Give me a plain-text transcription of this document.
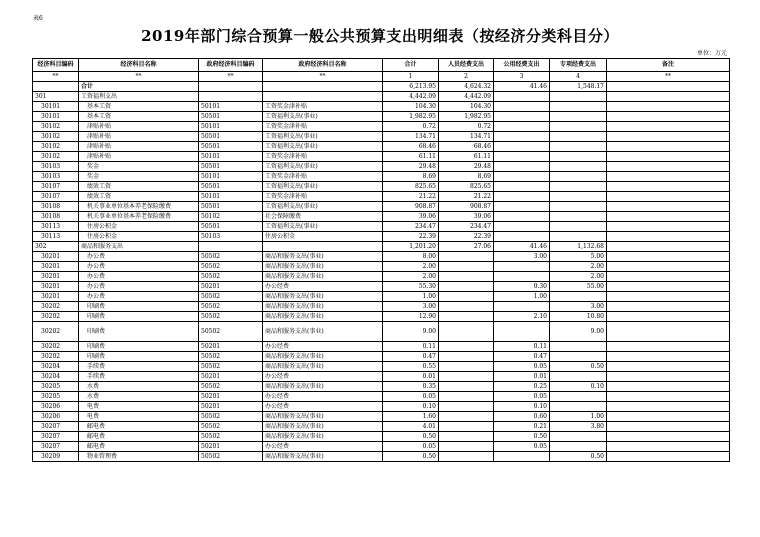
表6
2019年部门综合预算一般公共预算支出明细表（按经济分类科目分）
单位：万元
经济科目编码	经济科目名称	政府经济科目编码	政府经济科目名称	合计	人员经费支出	公用经费支出	专项经费支出	备注
**	**	**	**	1	2	3	4	**
	合计			6,213.95	4,624.32	41.46	1,548.17	
301	工资福利支出			4,442.09	4,442.09			
30101	基本工资	50101	工资奖金津补贴	104.30	104.30			
30101	基本工资	50501	工资福利支出(事业)	1,982.95	1,982.95			
30102	津贴补贴	50101	工资奖金津补贴	0.72	0.72			
30102	津贴补贴	50501	工资福利支出(事业)	134.71	134.71			
30102	津贴补贴	50501	工资福利支出(事业)	68.46	68.46			
30102	津贴补贴	50101	工资奖金津补贴	61.11	61.11			
30103	奖金	50501	工资福利支出(事业)	29.48	29.48			
30103	奖金	50101	工资奖金津补贴	8.69	8.69			
30107	绩效工资	50501	工资福利支出(事业)	825.65	825.65			
30107	绩效工资	50101	工资奖金津补贴	21.22	21.22			
30108	机关事业单位基本养老保险缴费	50501	工资福利支出(事业)	908.87	908.87			
30108	机关事业单位基本养老保险缴费	50102	社会保障缴费	39.06	39.06			
30113	住房公积金	50501	工资福利支出(事业)	234.47	234.47			
30113	住房公积金	50103	住房公积金	22.39	22.39			
302	商品和服务支出			1,201.20	27.06	41.46	1,132.68	
30201	办公费	50502	商品和服务支出(事业)	8.00		3.00	5.00	
30201	办公费	50502	商品和服务支出(事业)	2.00			2.00	
30201	办公费	50502	商品和服务支出(事业)	2.00			2.00	
30201	办公费	50201	办公经费	55.30		0.30	55.00	
30201	办公费	50502	商品和服务支出(事业)	1.00		1.00		
30202	印刷费	50502	商品和服务支出(事业)	3.00			3.00	
30202	印刷费	50502	商品和服务支出(事业)	12.90		2.10	10.80	
30202	印刷费	50502	商品和服务支出(事业)	9.00			9.00	
30202	印刷费	50201	办公经费	0.11		0.11		
30202	印刷费	50502	商品和服务支出(事业)	0.47		0.47		
30204	手续费	50502	商品和服务支出(事业)	0.55		0.05	0.50	
30204	手续费	50201	办公经费	0.01		0.01		
30205	水费	50502	商品和服务支出(事业)	0.35		0.25	0.10	
30205	水费	50201	办公经费	0.05		0.05		
30206	电费	50201	办公经费	0.10		0.10		
30206	电费	50502	商品和服务支出(事业)	1.60		0.60	1.00	
30207	邮电费	50502	商品和服务支出(事业)	4.01		0.21	3.80	
30207	邮电费	50502	商品和服务支出(事业)	0.50		0.50		
30207	邮电费	50201	办公经费	0.05		0.05		
30209	物业管理费	50502	商品和服务支出(事业)	0.50			0.50	
